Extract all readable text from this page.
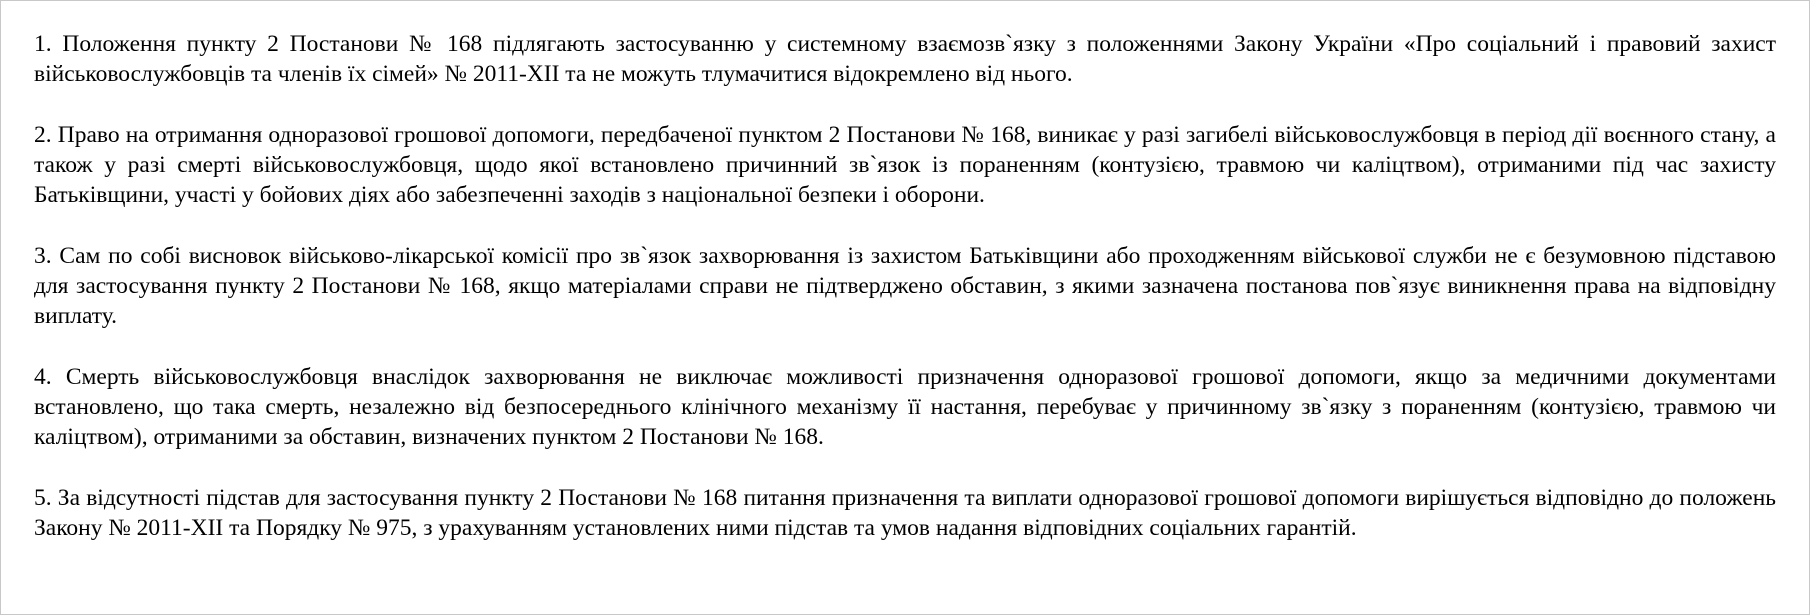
1. Положення пункту 2 Постанови № 168 підлягають застосуванню у системному взаємозв`язку з положеннями Закону України «Про соціальний і правовий захист військовослужбовців та членів їх сімей» № 2011-XII та не можуть тлумачитися відокремлено від нього.

2. Право на отримання одноразової грошової допомоги, передбаченої пунктом 2 Постанови № 168, виникає у разі загибелі військовослужбовця в період дії воєнного стану, а також у разі смерті військовослужбовця, щодо якої встановлено причинний зв`язок із пораненням (контузією, травмою чи каліцтвом), отриманими під час захисту Батьківщини, участі у бойових діях або забезпеченні заходів з національної безпеки і оборони.

3. Сам по собі висновок військово-лікарської комісії про зв`язок захворювання із захистом Батьківщини або проходженням військової служби не є безумовною підставою для застосування пункту 2 Постанови № 168, якщо матеріалами справи не підтверджено обставин, з якими зазначена постанова пов`язує виникнення права на відповідну виплату.

4. Смерть військовослужбовця внаслідок захворювання не виключає можливості призначення одноразової грошової допомоги, якщо за медичними документами встановлено, що така смерть, незалежно від безпосереднього клінічного механізму її настання, перебуває у причинному зв`язку з пораненням (контузією, травмою чи каліцтвом), отриманими за обставин, визначених пунктом 2 Постанови № 168.

5. За відсутності підстав для застосування пункту 2 Постанови № 168 питання призначення та виплати одноразової грошової допомоги вирішується відповідно до положень Закону № 2011-XII та Порядку № 975, з урахуванням установлених ними підстав та умов надання відповідних соціальних гарантій.
